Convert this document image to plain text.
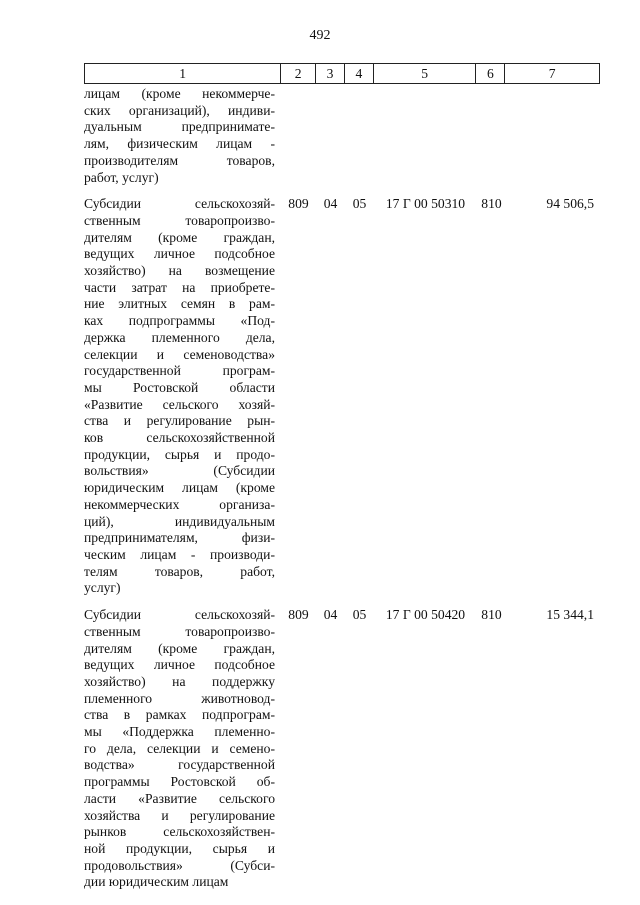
492
1	2	3	4	5	6	7
лицам (кроме некоммерче-
ских организаций), индиви-
дуальным предпринимате-
лям, физическим лицам -
производителям товаров,
работ, услуг)
Субсидии сельскохозяй-
ственным товаропроизво-
дителям (кроме граждан,
ведущих личное подсобное
хозяйство) на возмещение
части затрат на приобрете-
ние элитных семян в рам-
ках подпрограммы «Под-
держка племенного дела,
селекции и семеноводства»
государственной програм-
мы Ростовской области
«Развитие сельского хозяй-
ства и регулирование рын-
ков сельскохозяйственной
продукции, сырья и продо-
вольствия» (Субсидии
юридическим лицам (кроме
некоммерческих организа-
ций), индивидуальным
предпринимателям, физи-
ческим лицам - производи-
телям товаров, работ,
услуг)
809	04	05	17 Г 00 50310	810	94 506,5
Субсидии сельскохозяй-
ственным товаропроизво-
дителям (кроме граждан,
ведущих личное подсобное
хозяйство) на поддержку
племенного животновод-
ства в рамках подпрограм-
мы «Поддержка племенно-
го дела, селекции и семено-
водства» государственной
программы Ростовской об-
ласти «Развитие сельского
хозяйства и регулирование
рынков сельскохозяйствен-
ной продукции, сырья и
продовольствия» (Субси-
дии юридическим лицам
809	04	05	17 Г 00 50420	810	15 344,1
